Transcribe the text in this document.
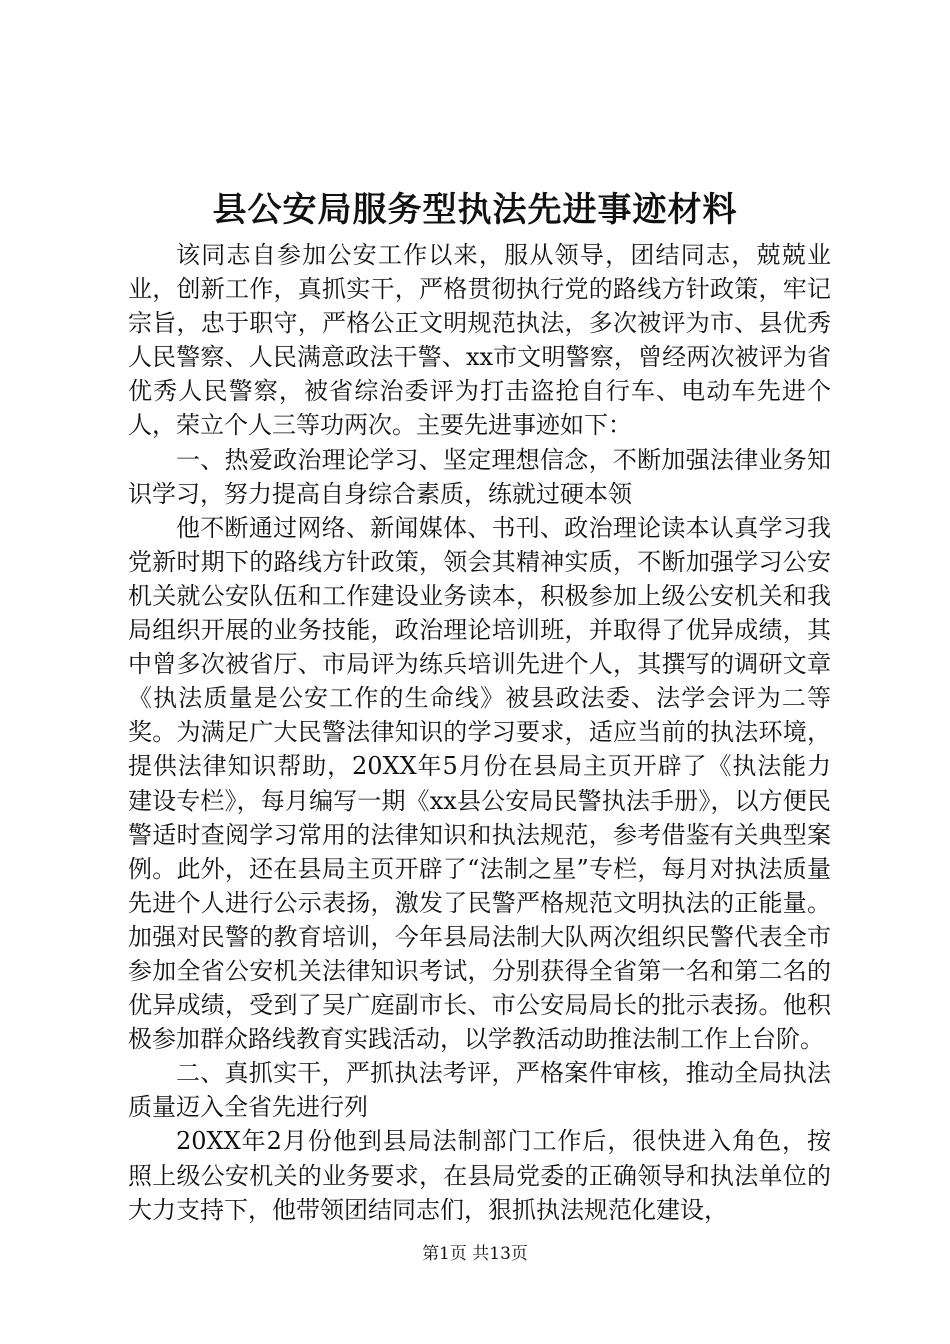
县公安局服务型执法先进事迹材料

该同志自参加公安工作以来，服从领导，团结同志，兢兢业业，创新工作，真抓实干，严格贯彻执行党的路线方针政策，牢记宗旨，忠于职守，严格公正文明规范执法，多次被评为市、县优秀人民警察、人民满意政法干警、xx市文明警察，曾经两次被评为省优秀人民警察，被省综治委评为打击盗抢自行车、电动车先进个人，荣立个人三等功两次。主要先进事迹如下：

一、热爱政治理论学习、坚定理想信念，不断加强法律业务知识学习，努力提高自身综合素质，练就过硬本领

他不断通过网络、新闻媒体、书刊、政治理论读本认真学习我党新时期下的路线方针政策，领会其精神实质，不断加强学习公安机关就公安队伍和工作建设业务读本，积极参加上级公安机关和我局组织开展的业务技能，政治理论培训班，并取得了优异成绩，其中曾多次被省厅、市局评为练兵培训先进个人，其撰写的调研文章《执法质量是公安工作的生命线》被县政法委、法学会评为二等奖。为满足广大民警法律知识的学习要求，适应当前的执法环境，提供法律知识帮助，20XX年5月份在县局主页开辟了《执法能力建设专栏》，每月编写一期《xx县公安局民警执法手册》，以方便民警适时查阅学习常用的法律知识和执法规范，参考借鉴有关典型案例。此外，还在县局主页开辟了“法制之星”专栏，每月对执法质量先进个人进行公示表扬，激发了民警严格规范文明执法的正能量。加强对民警的教育培训，今年县局法制大队两次组织民警代表全市参加全省公安机关法律知识考试，分别获得全省第一名和第二名的优异成绩，受到了吴广庭副市长、市公安局局长的批示表扬。他积极参加群众路线教育实践活动，以学教活动助推法制工作上台阶。

二、真抓实干，严抓执法考评，严格案件审核，推动全局执法质量迈入全省先进行列

20XX年2月份他到县局法制部门工作后，很快进入角色，按照上级公安机关的业务要求，在县局党委的正确领导和执法单位的大力支持下，他带领团结同志们，狠抓执法规范化建设，

第1页 共13页
